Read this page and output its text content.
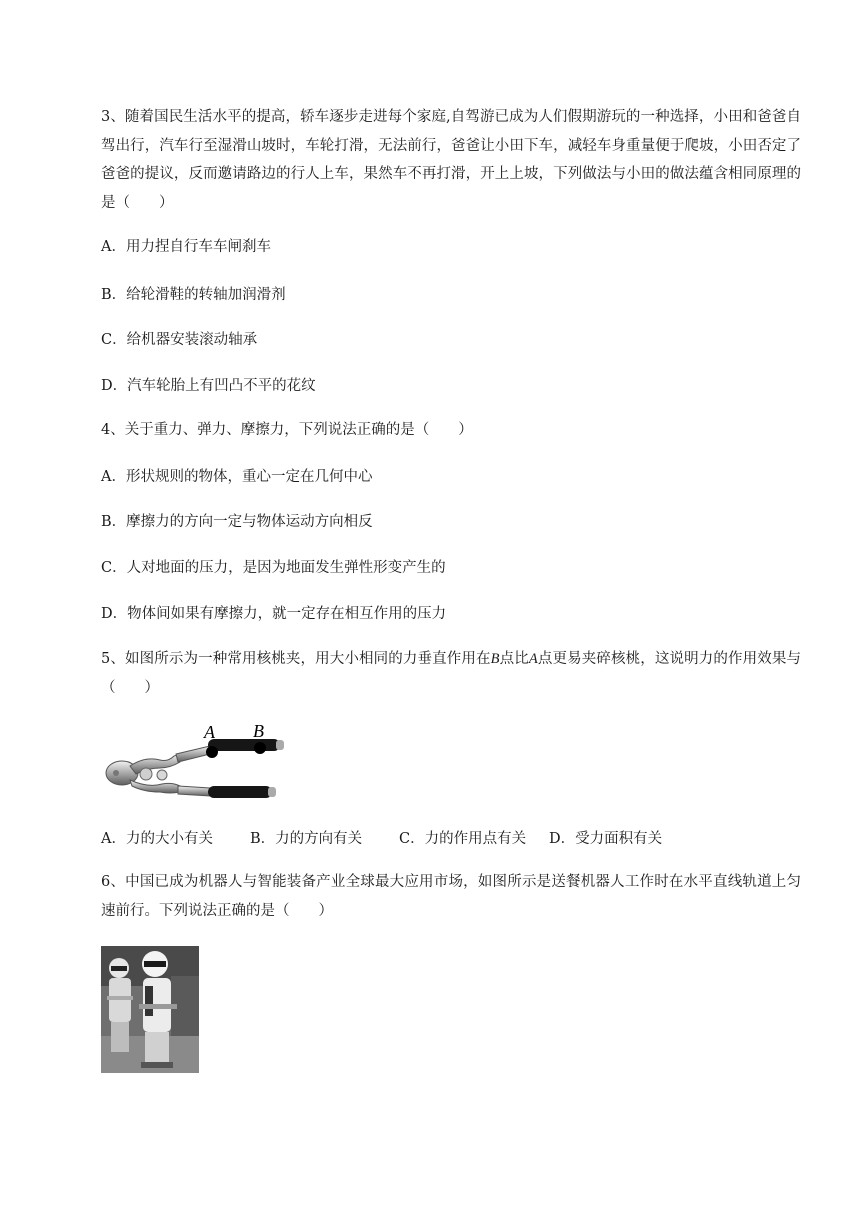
3、随着国民生活水平的提高，轿车逐步走进每个家庭,自驾游已成为人们假期游玩的一种选择，小田和爸爸自驾出行，汽车行至湿滑山坡时，车轮打滑，无法前行，爸爸让小田下车，减轻车身重量便于爬坡，小田否定了爸爸的提议，反而邀请路边的行人上车，果然车不再打滑，开上上坡，下列做法与小田的做法蕴含相同原理的是（　　）

A．用力捏自行车车闸刹车

B．给轮滑鞋的转轴加润滑剂

C．给机器安装滚动轴承

D．汽车轮胎上有凹凸不平的花纹

4、关于重力、弹力、摩擦力，下列说法正确的是（　　）

A．形状规则的物体，重心一定在几何中心

B．摩擦力的方向一定与物体运动方向相反

C．人对地面的压力，是因为地面发生弹性形变产生的

D．物体间如果有摩擦力，就一定存在相互作用的压力

5、如图所示为一种常用核桃夹，用大小相同的力垂直作用在B点比A点更易夹碎核桃，这说明力的作用效果与（　　）

A B

A．力的大小有关	B．力的方向有关	C．力的作用点有关 D．受力面积有关

6、中国已成为机器人与智能装备产业全球最大应用市场，如图所示是送餐机器人工作时在水平直线轨道上匀速前行。下列说法正确的是（　　）
